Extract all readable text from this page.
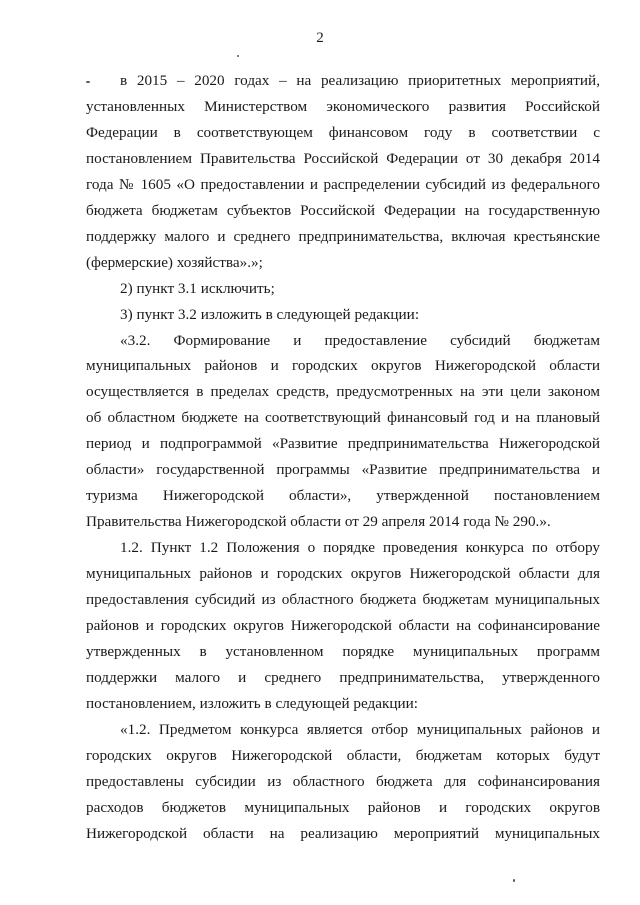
2

в 2015 – 2020 годах – на реализацию приоритетных мероприятий,

установленных Министерством экономического развития Российской

Федерации в соответствующем финансовом году в соответствии с

постановлением Правительства Российской Федерации от 30 декабря 2014

года № 1605 «О предоставлении и распределении субсидий из федерального

бюджета бюджетам субъектов Российской Федерации на государственную

поддержку малого и среднего предпринимательства, включая крестьянские

(фермерские) хозяйства».»;

2) пункт 3.1 исключить;

3) пункт 3.2 изложить в следующей редакции:

«3.2. Формирование и предоставление субсидий бюджетам

муниципальных районов и городских округов Нижегородской области

осуществляется в пределах средств, предусмотренных на эти цели законом

об областном бюджете на соответствующий финансовый год и на плановый

период и подпрограммой «Развитие предпринимательства Нижегородской

области» государственной программы «Развитие предпринимательства и

туризма Нижегородской области», утвержденной постановлением

Правительства Нижегородской области от 29 апреля 2014 года № 290.».

1.2. Пункт 1.2 Положения о порядке проведения конкурса по отбору

муниципальных районов и городских округов Нижегородской области для

предоставления субсидий из областного бюджета бюджетам муниципальных

районов и городских округов Нижегородской области на софинансирование

утвержденных в установленном порядке муниципальных программ

поддержки малого и среднего предпринимательства, утвержденного

постановлением, изложить в следующей редакции:

«1.2. Предметом конкурса является отбор муниципальных районов и

городских округов Нижегородской области, бюджетам которых будут

предоставлены субсидии из областного бюджета для софинансирования

расходов бюджетов муниципальных районов и городских округов

Нижегородской области на реализацию мероприятий муниципальных
